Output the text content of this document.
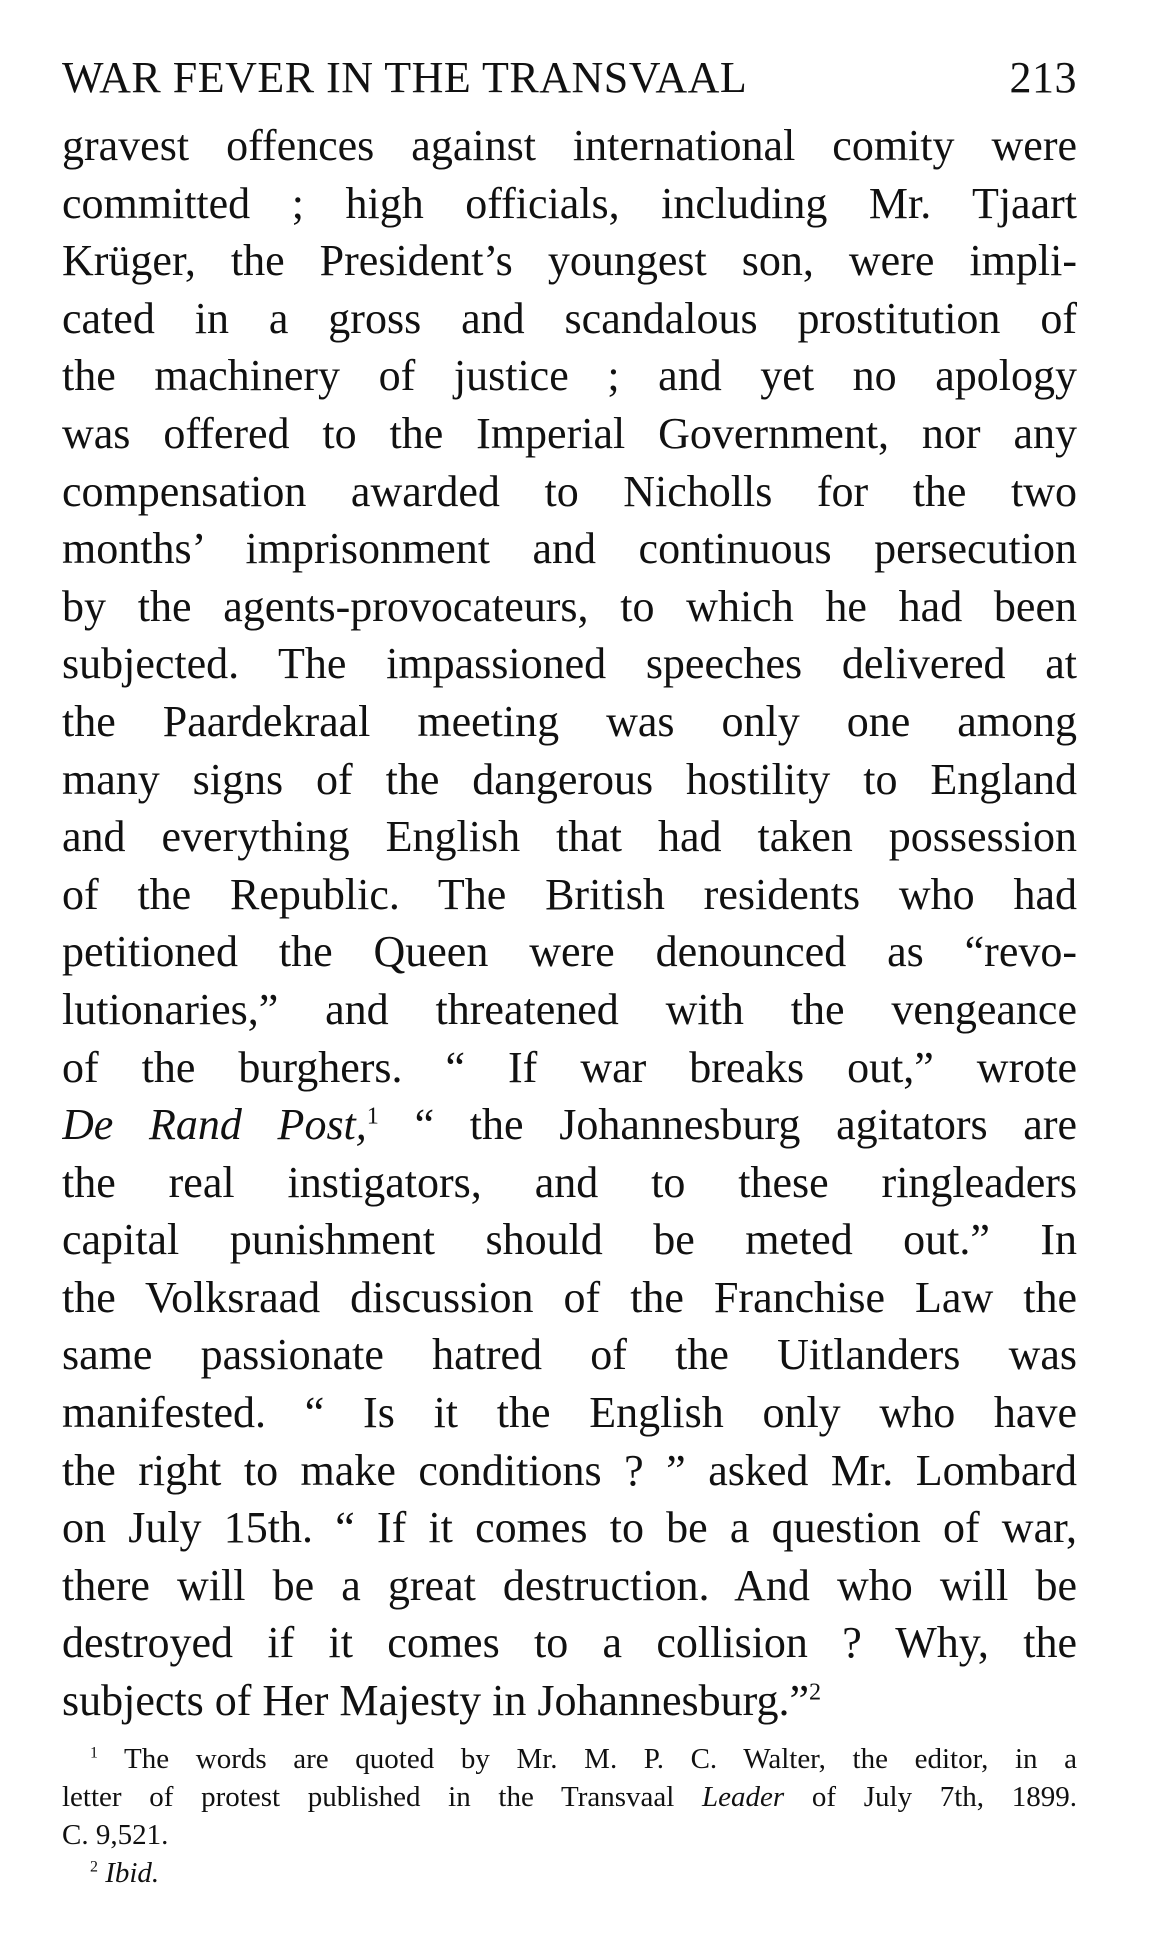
WAR FEVER IN THE TRANSVAAL	213
gravest offences against international comity were
committed ; high officials, including Mr. Tjaart
Krüger, the President’s youngest son, were impli-
cated in a gross and scandalous prostitution of
the machinery of justice ; and yet no apology
was offered to the Imperial Government, nor any
compensation awarded to Nicholls for the two
months’ imprisonment and continuous persecution
by the agents-provocateurs, to which he had been
subjected. The impassioned speeches delivered at
the Paardekraal meeting was only one among
many signs of the dangerous hostility to England
and everything English that had taken possession
of the Republic. The British residents who had
petitioned the Queen were denounced as “revo-
lutionaries,” and threatened with the vengeance
of the burghers. “ If war breaks out,” wrote
De Rand Post,$^1$ “ the Johannesburg agitators are
the real instigators, and to these ringleaders
capital punishment should be meted out.” In
the Volksraad discussion of the Franchise Law the
same passionate hatred of the Uitlanders was
manifested. “ Is it the English only who have
the right to make conditions ? ” asked Mr. Lombard
on July 15th. “ If it comes to be a question of war,
there will be a great destruction. And who will be
destroyed if it comes to a collision ? Why, the
subjects of Her Majesty in Johannesburg.”$^2$
$^1$ The words are quoted by Mr. M. P. C. Walter, the editor, in a
letter of protest published in the Transvaal Leader of July 7th, 1899.
C. 9,521.
$^2$ Ibid.
